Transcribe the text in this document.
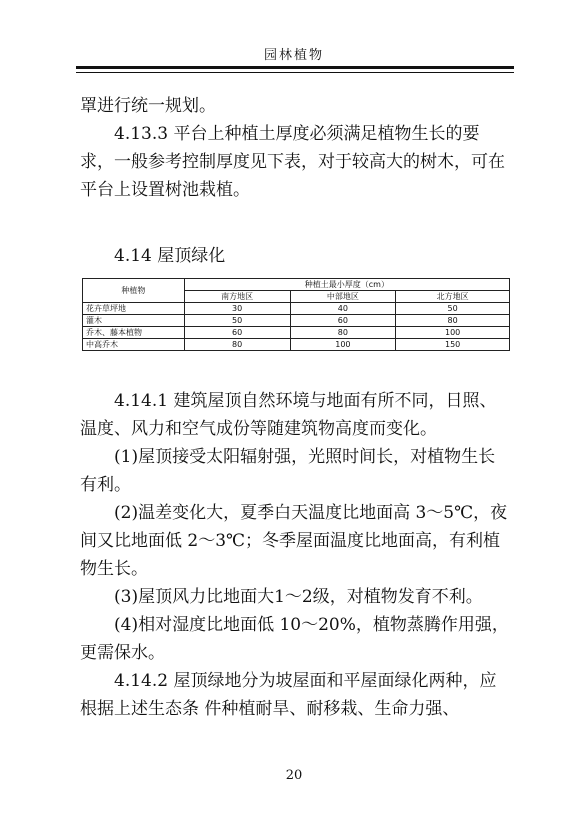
园林植物

罩进行统一规划。

4.13.3 平台上种植土厚度必须满足植物生长的要求，一般参考控制厚度见下表，对于较高大的树木，可在平台上设置树池栽植。

4.14 屋顶绿化

种植物	种植土最小厚度（cm）		
	南方地区	中部地区	北方地区
花卉草坪地	30	40	50
灌木	50	60	80
乔木、藤本植物	60	80	100
中高乔木	80	100	150

4.14.1 建筑屋顶自然环境与地面有所不同，日照、温度、风力和空气成份等随建筑物高度而变化。

(1)屋顶接受太阳辐射强，光照时间长，对植物生长有利。

(2)温差变化大，夏季白天温度比地面高 3～5℃，夜间又比地面低 2～3℃；冬季屋面温度比地面高，有利植物生长。

(3)屋顶风力比地面大1～2级，对植物发育不利。

(4)相对湿度比地面低 10～20%，植物蒸腾作用强，更需保水。

4.14.2 屋顶绿地分为坡屋面和平屋面绿化两种，应根据上述生态条 件种植耐旱、耐移栽、生命力强、

20
